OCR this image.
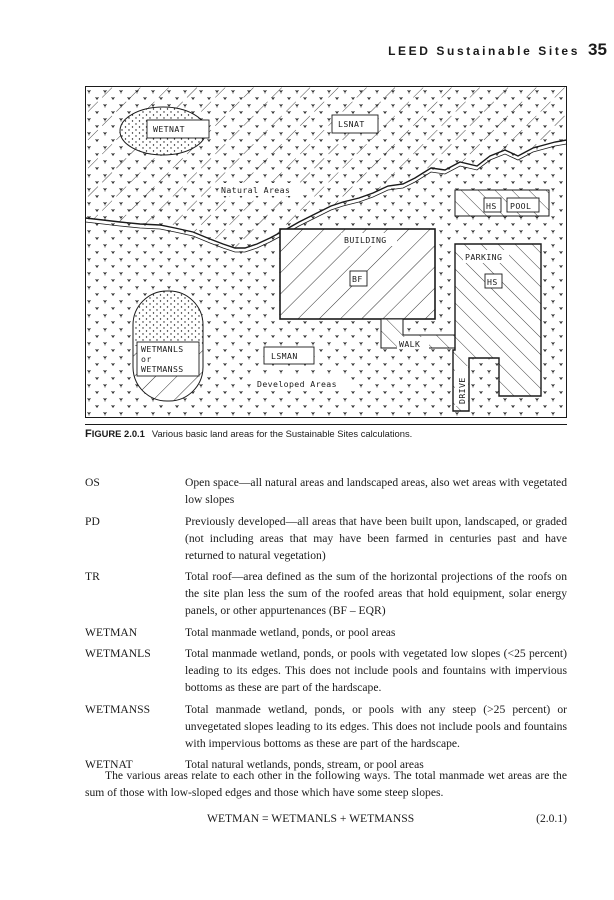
LEED Sustainable Sites 35
WETNAT	LSNAT
Natural Areas
HS POOL
BUILDING
BF
WALK
PARKING
HS
DRIVE
WETMANLS
or
WETMANSS
LSMAN
Developed Areas
FIGURE 2.0.1 Various basic land areas for the Sustainable Sites calculations.
OS	Open space—all natural areas and landscaped areas, also wet areas with vegetated low slopes
PD	Previously developed—all areas that have been built upon, landscaped, or graded (not including areas that may have been farmed in centuries past and have returned to natural vegetation)
TR	Total roof—area defined as the sum of the horizontal projections of the roofs on the site plan less the sum of the roofed areas that hold equipment, solar energy panels, or other appurtenances (BF – EQR)
WETMAN	Total manmade wetland, ponds, or pool areas
WETMANLS	Total manmade wetland, ponds, or pools with vegetated low slopes (<25 percent) leading to its edges. This does not include pools and fountains with impervious bottoms as these are part of the hardscape.
WETMANSS	Total manmade wetland, ponds, or pools with any steep (>25 percent) or unvegetated slopes leading to its edges. This does not include pools and fountains with impervious bottoms as these are part of the hardscape.
WETNAT	Total natural wetlands, ponds, stream, or pool areas

The various areas relate to each other in the following ways. The total manmade wet areas are the sum of those with low-sloped edges and those which have some steep slopes.

WETMAN = WETMANLS + WETMANSS	(2.0.1)
